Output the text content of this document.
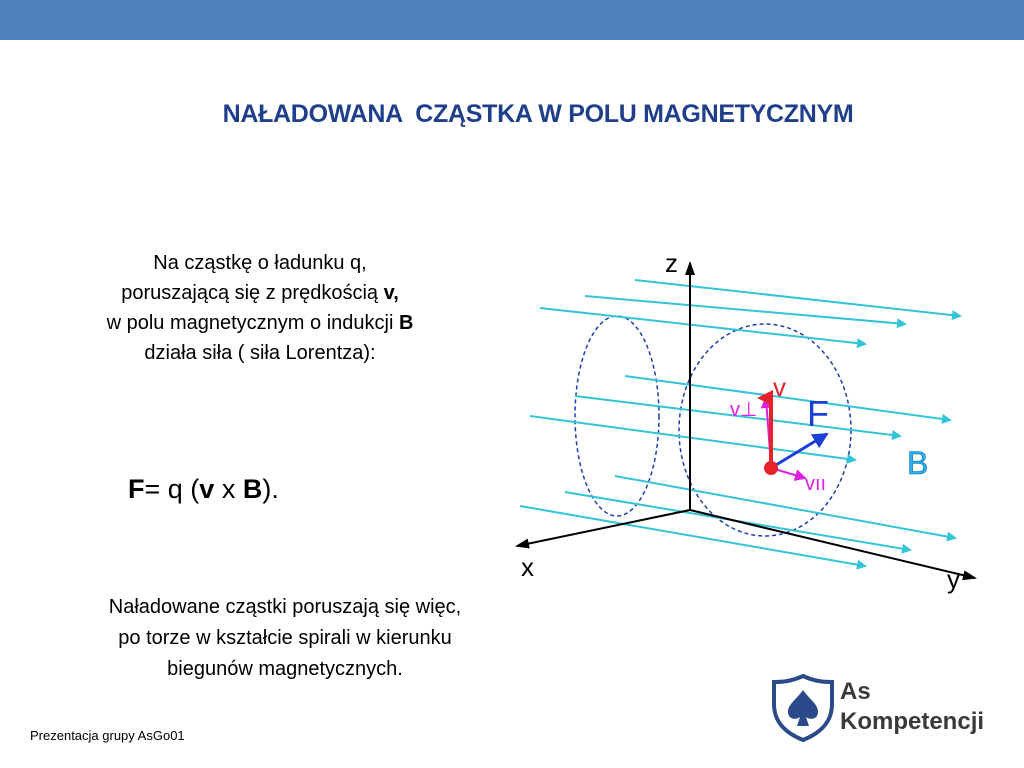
NAŁADOWANA  CZĄSTKA W POLU MAGNETYCZNYM
Na cząstkę o ładunku q,
poruszającą się z prędkością v,
w polu magnetycznym o indukcji B
działa siła ( siła Lorentza):
F= q (v x B).
Naładowane cząstki poruszają się więc,
po torze w kształcie spirali w kierunku
biegunów magnetycznych.
z
x	y
v
v⊥ F
vıı
B
Prezentacja grupy AsGo01
As
Kompetencji
